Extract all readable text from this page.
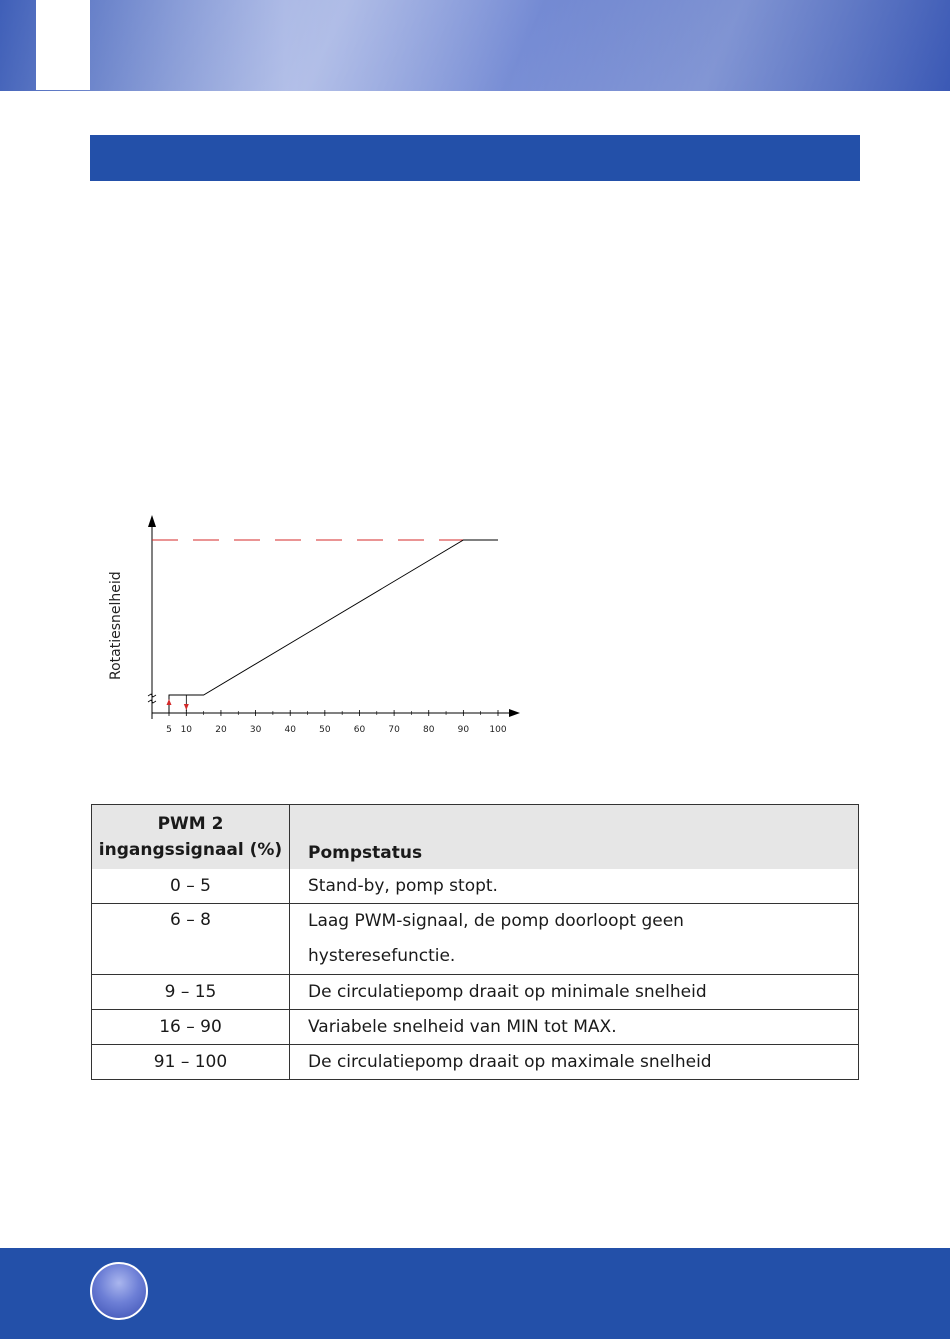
Rotatiesnelheid
5 10	20	30	40	50	60	70	80	90 100
PWM 2
ingangssignaal (%)	Pompstatus
0 – 5	Stand-by, pomp stopt.
6 – 8	Laag PWM-signaal, de pomp doorloopt geen hysteresefunctie.
9 – 15	De circulatiepomp draait op minimale snelheid
16 – 90	Variabele snelheid van MIN tot MAX.
91 – 100	De circulatiepomp draait op maximale snelheid
